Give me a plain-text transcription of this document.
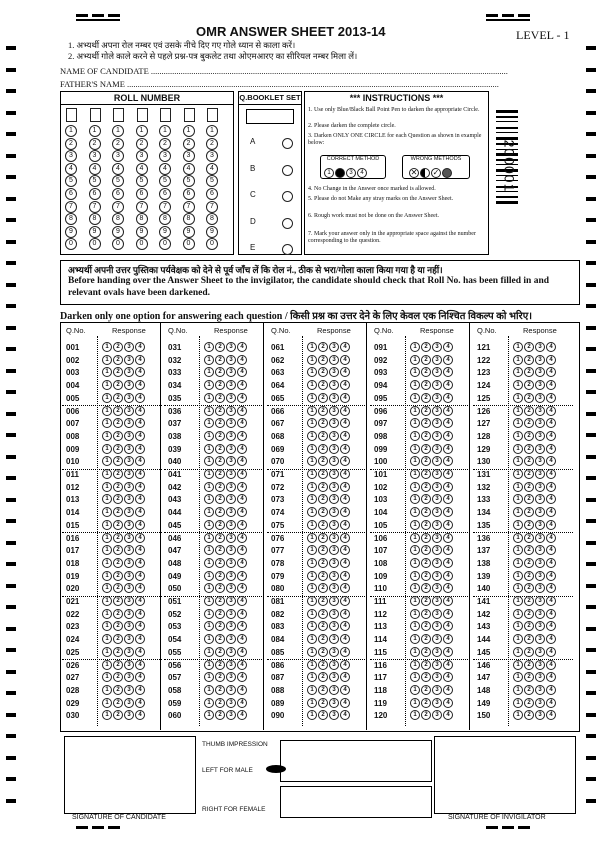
OMR ANSWER SHEET 2013-14	LEVEL - 1
1. अभ्यर्थी अपना रोल नम्बर एवं उसके नीचे दिए गए गोले ध्यान से काला करें।
2. अभ्यर्थी गोले काले करने से पहले प्रश्न-पत्र बुकलेट तथा ओएमआरए का सीरियल नम्बर मिला लें।
NAME OF CANDIDATE ........................................................................................................................................................................
FATHER'S NAME ...............................................................................................................................................................................
ROLL NUMBER
1
2
3
4
5
6
7
8
9
0
1
2
3
4
5
6
7
8
9
0
1
2
3
4
5
6
7
8
9
0
1
2
3
4
5
6
7
8
9
0
1
2
3
4
5
6
7
8
9
0
1
2
3
4
5
6
7
8
9
0
1
2
3
4
5
6
7
8
9
0
Q.BOOKLET SET
A
B
C
D
E
*** INSTRUCTIONS ***
1. Use only Blue/Black Ball Point Pen to darken the appropriate Circle.
2. Please darken the complete circle.
3. Darken ONLY ONE CIRCLE for each Question as shown in example below:
CORRECT METHOD
1	3 4
WRONG METHODS
✕ ✓
4. No Change in the Answer once marked is allowed.
5. Please do not Make any stray marks on the Answer Sheet.
6. Rough work must not be done on the Answer Sheet.
7. Mark your answer only in the appropriate space against the number corresponding to the question.
200001
अभ्यर्थी अपनी उत्तर पुस्तिका पर्यवेक्षक को देने से पूर्व जाँच लें कि रोल नं., ठीक से भरा/गोला काला किया गया है या नहीं।
Before handing over the Answer Sheet to the invigilator, the candidate should check that Roll No. has been filled in and relevant ovals have been darkened.
Darken only one option for answering each question / किसी प्रश्न का उत्तर देने के लिए केवल एक निश्चित विकल्प को भरिए।
Q.No.	Response
001	1 2 3 4
002	1 2 3 4
003	1 2 3 4
004	1 2 3 4
005	1 2 3 4
006	1 2 3 4
007	1 2 3 4
008	1 2 3 4
009	1 2 3 4
010	1 2 3 4
011	1 2 3 4
012	1 2 3 4
013	1 2 3 4
014	1 2 3 4
015	1 2 3 4
016	1 2 3 4
017	1 2 3 4
018	1 2 3 4
019	1 2 3 4
020	1 2 3 4
021	1 2 3 4
022	1 2 3 4
023	1 2 3 4
024	1 2 3 4
025	1 2 3 4
026	1 2 3 4
027	1 2 3 4
028	1 2 3 4
029	1 2 3 4
030	1 2 3 4
Q.No.	Response
031	1 2 3 4
032	1 2 3 4
033	1 2 3 4
034	1 2 3 4
035	1 2 3 4
036	1 2 3 4
037	1 2 3 4
038	1 2 3 4
039	1 2 3 4
040	1 2 3 4
041	1 2 3 4
042	1 2 3 4
043	1 2 3 4
044	1 2 3 4
045	1 2 3 4
046	1 2 3 4
047	1 2 3 4
048	1 2 3 4
049	1 2 3 4
050	1 2 3 4
051	1 2 3 4
052	1 2 3 4
053	1 2 3 4
054	1 2 3 4
055	1 2 3 4
056	1 2 3 4
057	1 2 3 4
058	1 2 3 4
059	1 2 3 4
060	1 2 3 4
Q.No.	Response
061	1 2 3 4
062	1 2 3 4
063	1 2 3 4
064	1 2 3 4
065	1 2 3 4
066	1 2 3 4
067	1 2 3 4
068	1 2 3 4
069	1 2 3 4
070	1 2 3 4
071	1 2 3 4
072	1 2 3 4
073	1 2 3 4
074	1 2 3 4
075	1 2 3 4
076	1 2 3 4
077	1 2 3 4
078	1 2 3 4
079	1 2 3 4
080	1 2 3 4
081	1 2 3 4
082	1 2 3 4
083	1 2 3 4
084	1 2 3 4
085	1 2 3 4
086	1 2 3 4
087	1 2 3 4
088	1 2 3 4
089	1 2 3 4
090	1 2 3 4
Q.No.	Response
091	1 2 3 4
092	1 2 3 4
093	1 2 3 4
094	1 2 3 4
095	1 2 3 4
096	1 2 3 4
097	1 2 3 4
098	1 2 3 4
099	1 2 3 4
100	1 2 3 4
101	1 2 3 4
102	1 2 3 4
103	1 2 3 4
104	1 2 3 4
105	1 2 3 4
106	1 2 3 4
107	1 2 3 4
108	1 2 3 4
109	1 2 3 4
110	1 2 3 4
111	1 2 3 4
112	1 2 3 4
113	1 2 3 4
114	1 2 3 4
115	1 2 3 4
116	1 2 3 4
117	1 2 3 4
118	1 2 3 4
119	1 2 3 4
120	1 2 3 4
Q.No.	Response
121	1 2 3 4
122	1 2 3 4
123	1 2 3 4
124	1 2 3 4
125	1 2 3 4
126	1 2 3 4
127	1 2 3 4
128	1 2 3 4
129	1 2 3 4
130	1 2 3 4
131	1 2 3 4
132	1 2 3 4
133	1 2 3 4
134	1 2 3 4
135	1 2 3 4
136	1 2 3 4
137	1 2 3 4
138	1 2 3 4
139	1 2 3 4
140	1 2 3 4
141	1 2 3 4
142	1 2 3 4
143	1 2 3 4
144	1 2 3 4
145	1 2 3 4
146	1 2 3 4
147	1 2 3 4
148	1 2 3 4
149	1 2 3 4
150	1 2 3 4
THUMB IMPRESSION
LEFT FOR MALE
RIGHT FOR FEMALE
SIGNATURE OF CANDIDATE	SIGNATURE OF INVIGILATOR
